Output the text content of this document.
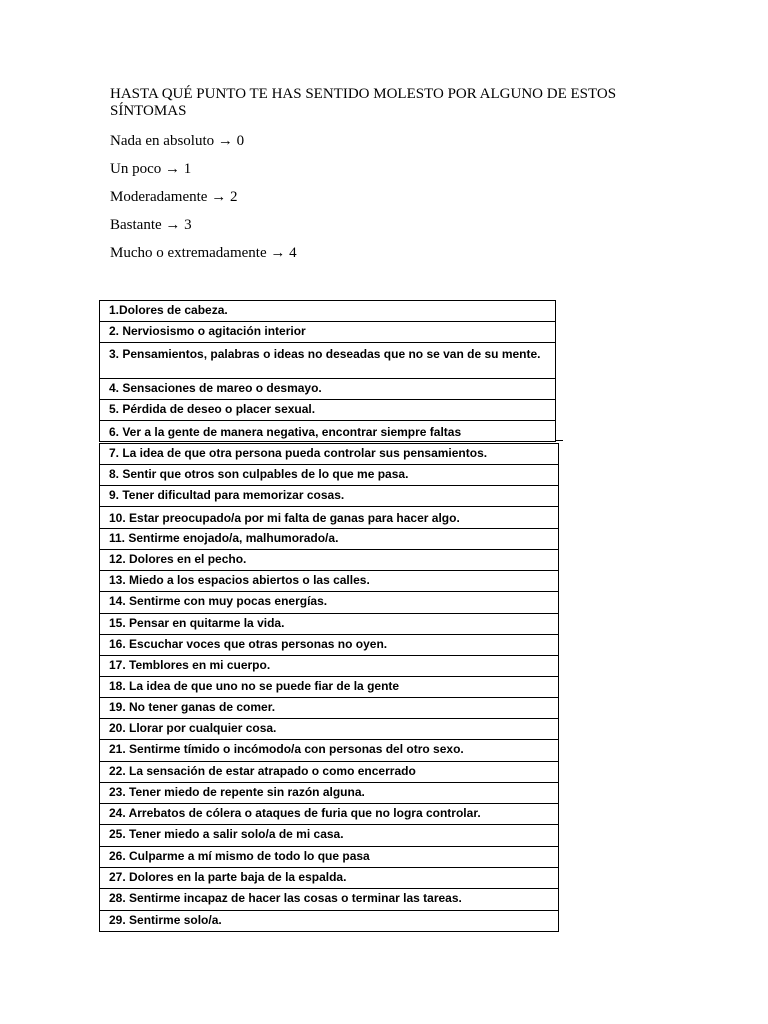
HASTA QUÉ PUNTO TE HAS SENTIDO MOLESTO POR ALGUNO DE ESTOS SÍNTOMAS
Nada en absoluto → 0
Un poco → 1
Moderadamente → 2
Bastante → 3
Mucho o extremadamente → 4
1.Dolores de cabeza.
2. Nerviosismo o agitación interior
3. Pensamientos, palabras o ideas no deseadas que no se van de su mente.
4. Sensaciones de mareo o desmayo.
5. Pérdida de deseo o placer sexual.
6. Ver a la gente de manera negativa, encontrar siempre faltas
7. La idea de que otra persona pueda controlar sus pensamientos.
8. Sentir que otros son culpables de lo que me pasa.
9. Tener dificultad para memorizar cosas.
10. Estar preocupado/a por mi falta de ganas para hacer algo.
11. Sentirme enojado/a, malhumorado/a.
12. Dolores en el pecho.
13. Miedo a los espacios abiertos o las calles.
14. Sentirme con muy pocas energías.
15. Pensar en quitarme la vida.
16. Escuchar voces que otras personas no oyen.
17. Temblores en mi cuerpo.
18. La idea de que uno no se puede fiar de la gente
19. No tener ganas de comer.
20. Llorar por cualquier cosa.
21. Sentirme tímido o incómodo/a con personas del otro sexo.
22. La sensación de estar atrapado o como encerrado
23. Tener miedo de repente sin razón alguna.
24. Arrebatos de cólera o ataques de furia que no logra controlar.
25. Tener miedo a salir solo/a de mi casa.
26. Culparme a mí mismo de todo lo que pasa
27. Dolores en la parte baja de la espalda.
28. Sentirme incapaz de hacer las cosas o terminar las tareas.
29. Sentirme solo/a.
